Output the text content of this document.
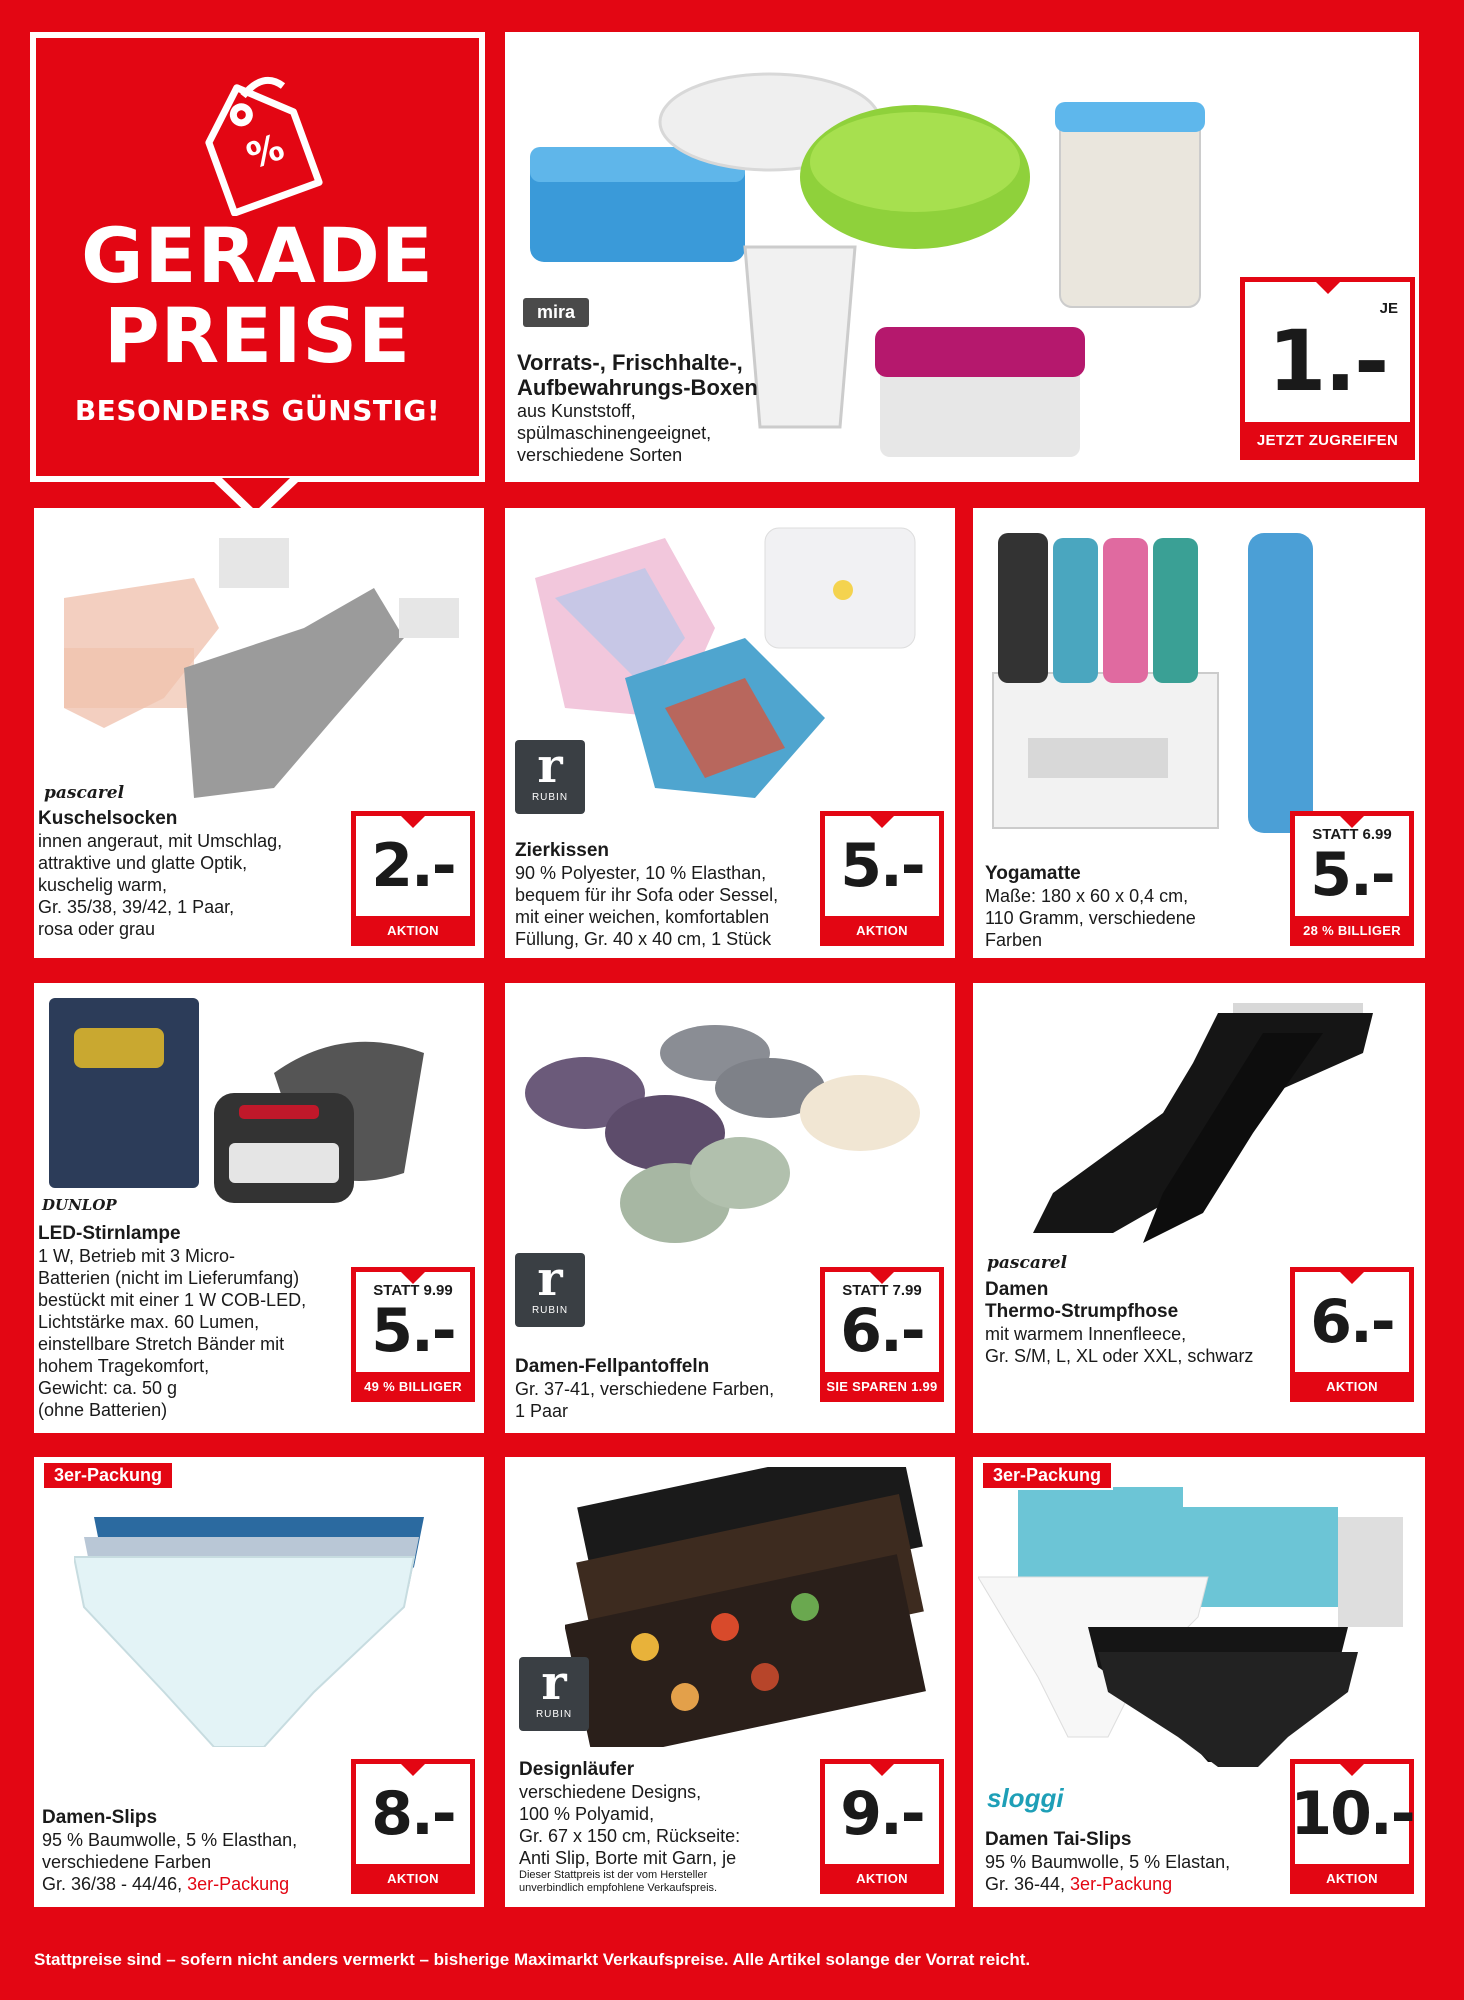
%
GERADE
PREISE
BESONDERS GÜNSTIG!
mira
Vorrats-, Frischhalte-,
Aufbewahrungs-Boxen
aus Kunststoff,
spülmaschinengeeignet,
verschiedene Sorten
JE
1.-
JETZT ZUGREIFEN
pascarel
Kuschelsocken
innen angeraut, mit Umschlag,
attraktive und glatte Optik,
kuschelig warm,
Gr. 35/38, 39/42, 1 Paar,
rosa oder grau
2.-
AKTION
r
RUBIN
Zierkissen
90 % Polyester, 10 % Elasthan,
bequem für ihr Sofa oder Sessel,
mit einer weichen, komfortablen
Füllung, Gr. 40 x 40 cm, 1 Stück
5.-
AKTION
Yogamatte
Maße: 180 x 60 x 0,4 cm,
110 Gramm, verschiedene
Farben
STATT 6.99
5.-
28 % BILLIGER
DUNLOP
LED-Stirnlampe
1 W, Betrieb mit 3 Micro-
Batterien (nicht im Lieferumfang)
bestückt mit einer 1 W COB-LED,
Lichtstärke max. 60 Lumen,
einstellbare Stretch Bänder mit
hohem Tragekomfort,
Gewicht: ca. 50 g
(ohne Batterien)
STATT 9.99
5.-
49 % BILLIGER
r
RUBIN
Damen-Fellpantoffeln
Gr. 37-41, verschiedene Farben,
1 Paar
STATT 7.99
6.-
SIE SPAREN 1.99
pascarel
Damen
Thermo-Strumpfhose
mit warmem Innenfleece,
Gr. S/M, L, XL oder XXL, schwarz 6.-
AKTION
3er-Packung
Damen-Slips
95 % Baumwolle, 5 % Elasthan,
verschiedene Farben
Gr. 36/38 - 44/46, 3er-Packung
8.-
AKTION
r
RUBIN
Designläufer
verschiedene Designs,
100 % Polyamid,
Gr. 67 x 150 cm, Rückseite:
Anti Slip, Borte mit Garn, je
Dieser Stattpreis ist der vom Hersteller
unverbindlich empfohlene Verkaufspreis.
9.-
AKTION
3er-Packung
sloggi
Damen Tai-Slips
95 % Baumwolle, 5 % Elastan,
Gr. 36-44, 3er-Packung
10.-
AKTION
Stattpreise sind – sofern nicht anders vermerkt – bisherige Maximarkt Verkaufspreise. Alle Artikel solange der Vorrat reicht.
